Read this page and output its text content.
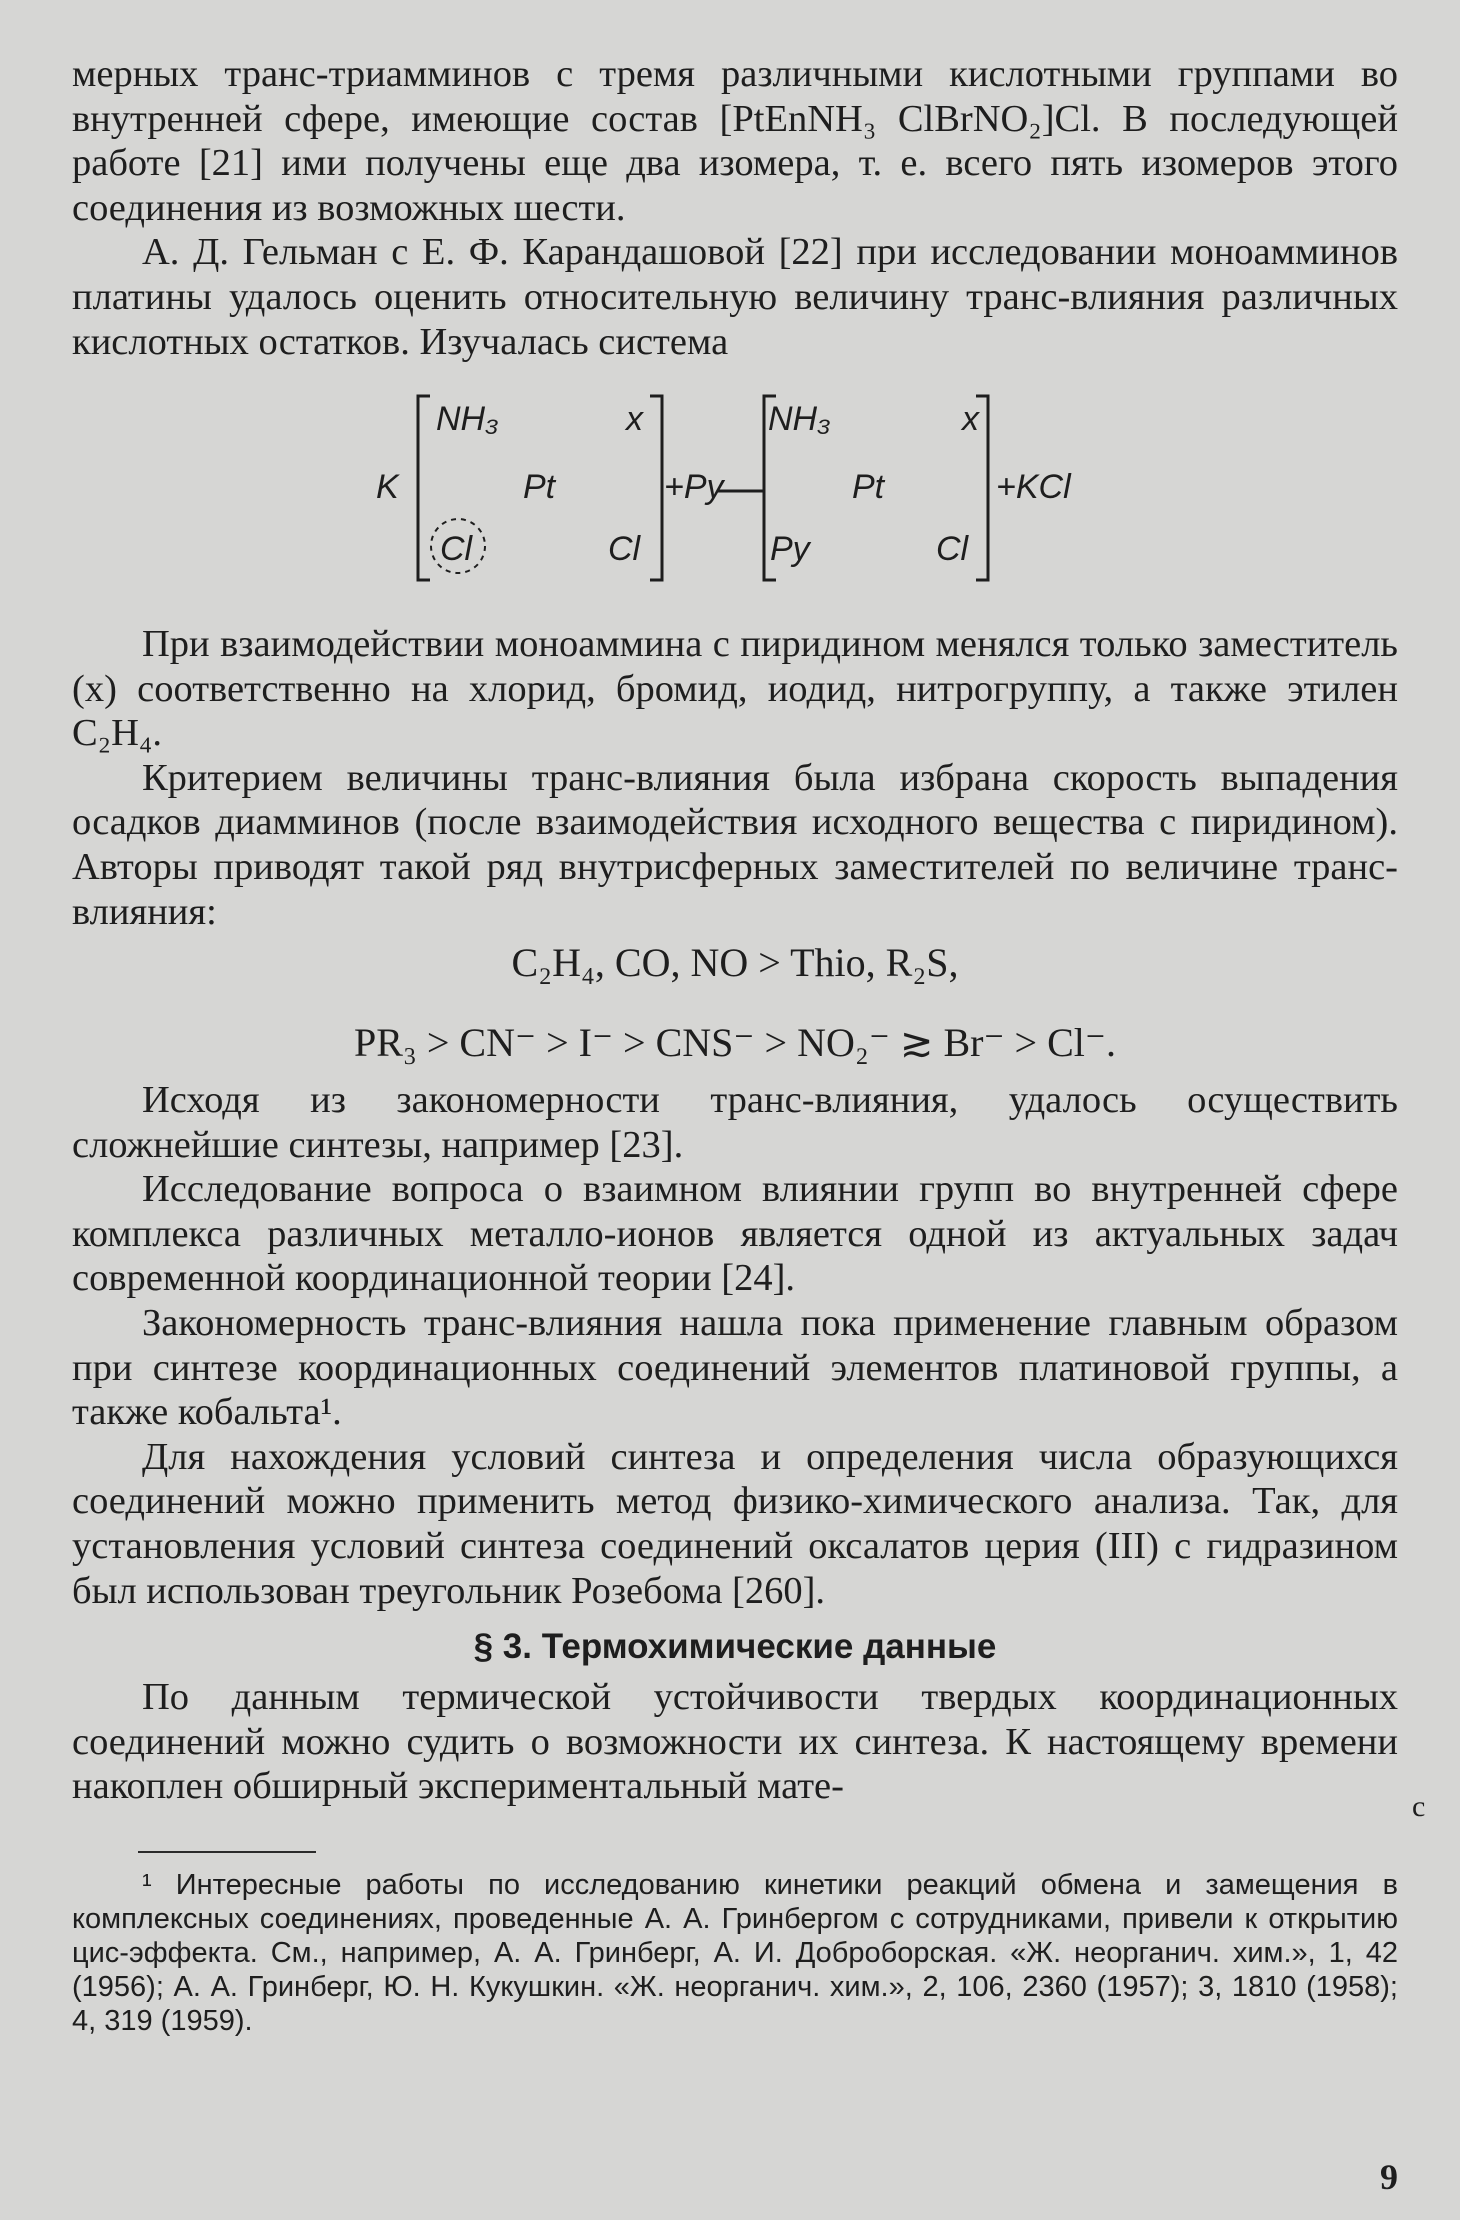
мерных транс-триамминов с тремя различными кислотными группами во внутренней сфере, имеющие состав [PtEnNH₃ ClBrNO₂]Cl. В последующей работе [21] ими получены еще два изомера, т. е. всего пять изомеров этого соединения из возможных шести.

А. Д. Гельман с Е. Ф. Карандашовой [22] при исследовании моноамминов платины удалось оценить относительную величину транс-влияния различных кислотных остатков. Изучалась система

K
NH₃	x
Pt
Cl	Cl
+Py
NH₃	x
Pt
Py	Cl
+KCl

При взаимодействии моноаммина с пиридином менялся только заместитель (x) соответственно на хлорид, бромид, иодид, нитрогруппу, а также этилен C₂H₄.

Критерием величины транс-влияния была избрана скорость выпадения осадков диамминов (после взаимодействия исходного вещества с пиридином). Авторы приводят такой ряд внутрисферных заместителей по величине транс-влияния:

C₂H₄, CO, NO > Thio, R₂S,
PR₃ > CN⁻ > I⁻ > CNS⁻ > NO₂⁻ ≳ Br⁻ > Cl⁻.

Исходя из закономерности транс-влияния, удалось осуществить сложнейшие синтезы, например [23].

Исследование вопроса о взаимном влиянии групп во внутренней сфере комплекса различных металло-ионов является одной из актуальных задач современной координационной теории [24].

Закономерность транс-влияния нашла пока применение главным образом при синтезе координационных соединений элементов платиновой группы, а также кобальта¹.

Для нахождения условий синтеза и определения числа образующихся соединений можно применить метод физико-химического анализа. Так, для установления условий синтеза соединений оксалатов церия (III) с гидразином был использован треугольник Розебома [260].

§ 3. Термохимические данные

По данным термической устойчивости твердых координационных соединений можно судить о возможности их синтеза. К настоящему времени накоплен обширный экспериментальный мате-	с

¹ Интересные работы по исследованию кинетики реакций обмена и замещения в комплексных соединениях, проведенные А. А. Гринбергом с сотрудниками, привели к открытию цис-эффекта. См., например, А. А. Гринберг, А. И. Доброборская. «Ж. неорганич. хим.», 1, 42 (1956); А. А. Гринберг, Ю. Н. Кукушкин. «Ж. неорганич. хим.», 2, 106, 2360 (1957); 3, 1810 (1958); 4, 319 (1959).

9
